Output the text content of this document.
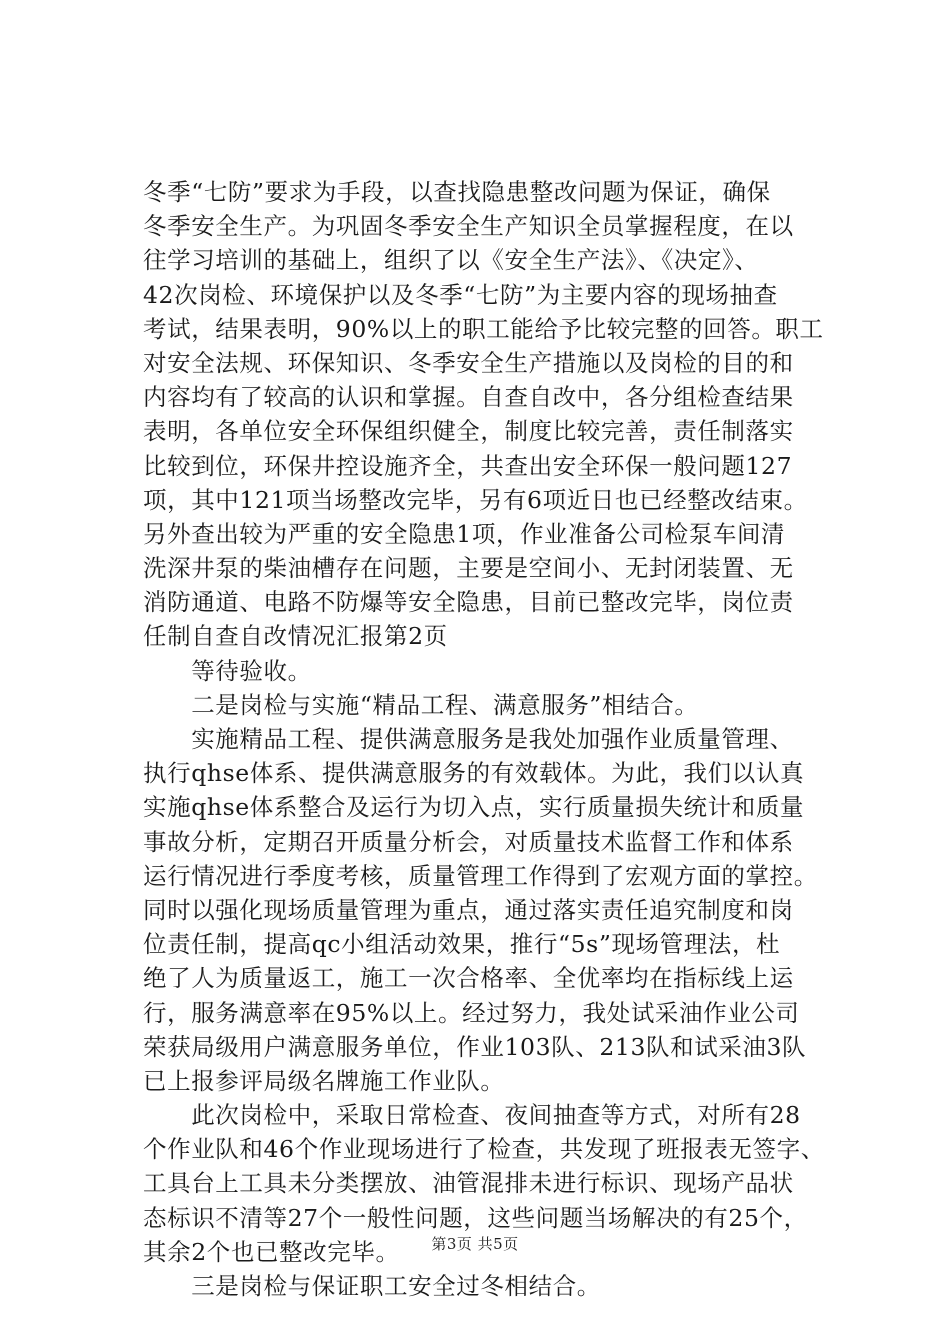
冬季“七防”要求为手段，以查找隐患整改问题为保证，确保
冬季安全生产。为巩固冬季安全生产知识全员掌握程度，在以
往学习培训的基础上，组织了以《安全生产法》、《决定》、
42次岗检、环境保护以及冬季“七防”为主要内容的现场抽查
考试，结果表明，90%以上的职工能给予比较完整的回答。职工
对安全法规、环保知识、冬季安全生产措施以及岗检的目的和
内容均有了较高的认识和掌握。自查自改中，各分组检查结果
表明，各单位安全环保组织健全，制度比较完善，责任制落实
比较到位，环保井控设施齐全，共查出安全环保一般问题127
项，其中121项当场整改完毕，另有6项近日也已经整改结束。
另外查出较为严重的安全隐患1项，作业准备公司检泵车间清
洗深井泵的柴油槽存在问题，主要是空间小、无封闭装置、无
消防通道、电路不防爆等安全隐患，目前已整改完毕，岗位责
任制自查自改情况汇报第2页
　　等待验收。
　　二是岗检与实施“精品工程、满意服务”相结合。
　　实施精品工程、提供满意服务是我处加强作业质量管理、
执行qhse体系、提供满意服务的有效载体。为此，我们以认真
实施qhse体系整合及运行为切入点，实行质量损失统计和质量
事故分析，定期召开质量分析会，对质量技术监督工作和体系
运行情况进行季度考核，质量管理工作得到了宏观方面的掌控。
同时以强化现场质量管理为重点，通过落实责任追究制度和岗
位责任制，提高qc小组活动效果，推行“5s”现场管理法，杜
绝了人为质量返工，施工一次合格率、全优率均在指标线上运
行，服务满意率在95%以上。经过努力，我处试采油作业公司
荣获局级用户满意服务单位，作业103队、213队和试采油3队
已上报参评局级名牌施工作业队。
　　此次岗检中，采取日常检查、夜间抽查等方式，对所有28
个作业队和46个作业现场进行了检查，共发现了班报表无签字、
工具台上工具未分类摆放、油管混排未进行标识、现场产品状
态标识不清等27个一般性问题，这些问题当场解决的有25个，
其余2个也已整改完毕。
　　三是岗检与保证职工安全过冬相结合。
第3页 共5页
